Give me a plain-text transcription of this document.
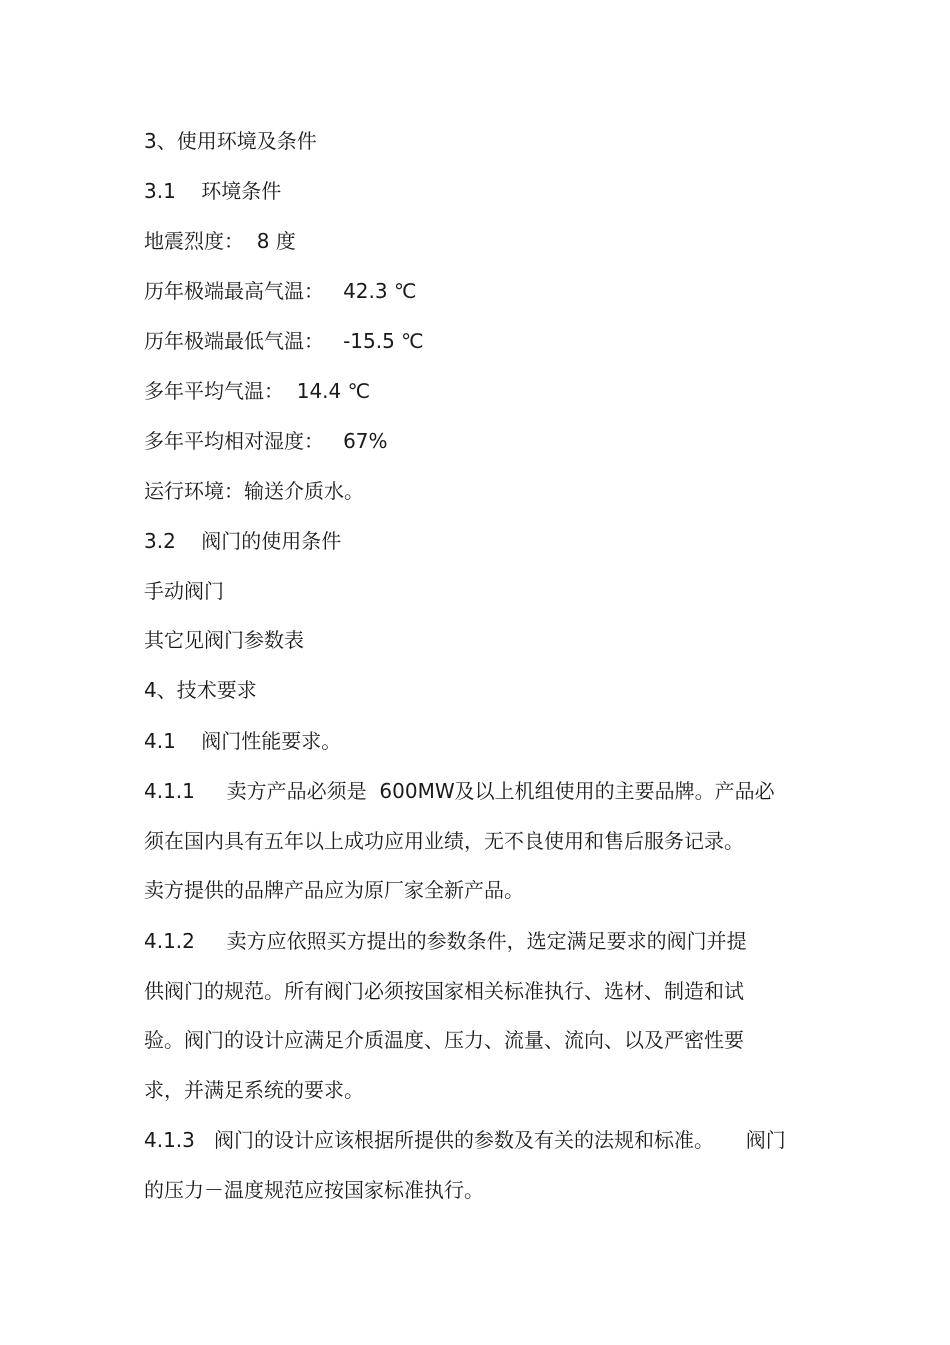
3、使用环境及条件
3.1    环境条件
地震烈度：  8 度
历年极端最高气温：   42.3 ℃
历年极端最低气温：   -15.5 ℃
多年平均气温：  14.4 ℃
多年平均相对湿度：   67%
运行环境：输送介质水。
3.2    阀门的使用条件
手动阀门
其它见阀门参数表
4、技术要求
4.1    阀门性能要求。
4.1.1     卖方产品必须是  600MW及以上机组使用的主要品牌。产品必
须在国内具有五年以上成功应用业绩，无不良使用和售后服务记录。
卖方提供的品牌产品应为原厂家全新产品。
4.1.2     卖方应依照买方提出的参数条件，选定满足要求的阀门并提
供阀门的规范。所有阀门必须按国家相关标准执行、选材、制造和试
验。阀门的设计应满足介质温度、压力、流量、流向、以及严密性要
求，并满足系统的要求。
4.1.3   阀门的设计应该根据所提供的参数及有关的法规和标准。     阀门
的压力－温度规范应按国家标准执行。
